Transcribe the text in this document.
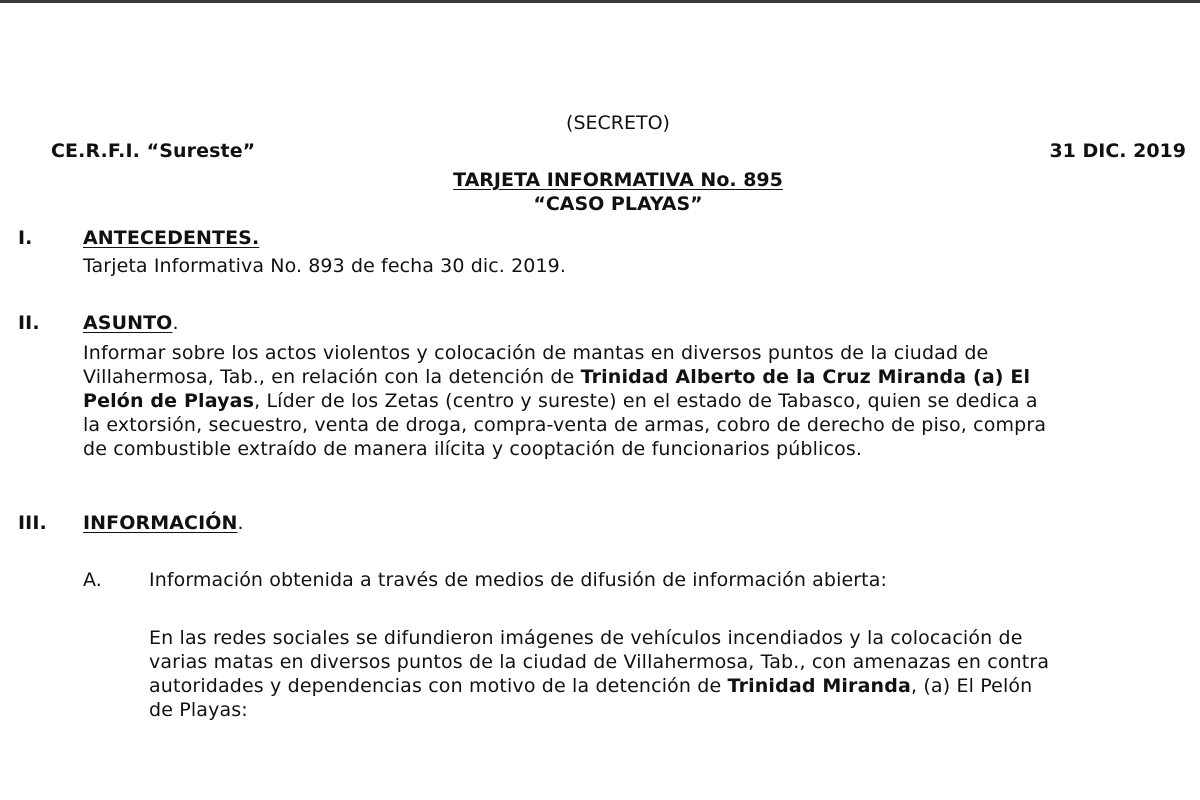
(SECRETO)
CE.R.F.I. “Sureste”	31 DIC. 2019
TARJETA INFORMATIVA No. 895
“CASO PLAYAS”
I.	ANTECEDENTES.
Tarjeta Informativa No. 893 de fecha 30 dic. 2019.
II. ASUNTO.
Informar sobre los actos violentos y colocación de mantas en diversos puntos de la ciudad de
Villahermosa, Tab., en relación con la detención de Trinidad Alberto de la Cruz Miranda (a) El
Pelón de Playas, Líder de los Zetas (centro y sureste) en el estado de Tabasco, quien se dedica a
la extorsión, secuestro, venta de droga, compra-venta de armas, cobro de derecho de piso, compra
de combustible extraído de manera ilícita y cooptación de funcionarios públicos.
III. INFORMACIÓN.
A. Información obtenida a través de medios de difusión de información abierta:
En las redes sociales se difundieron imágenes de vehículos incendiados y la colocación de
varias matas en diversos puntos de la ciudad de Villahermosa, Tab., con amenazas en contra
autoridades y dependencias con motivo de la detención de Trinidad Miranda, (a) El Pelón
de Playas:
